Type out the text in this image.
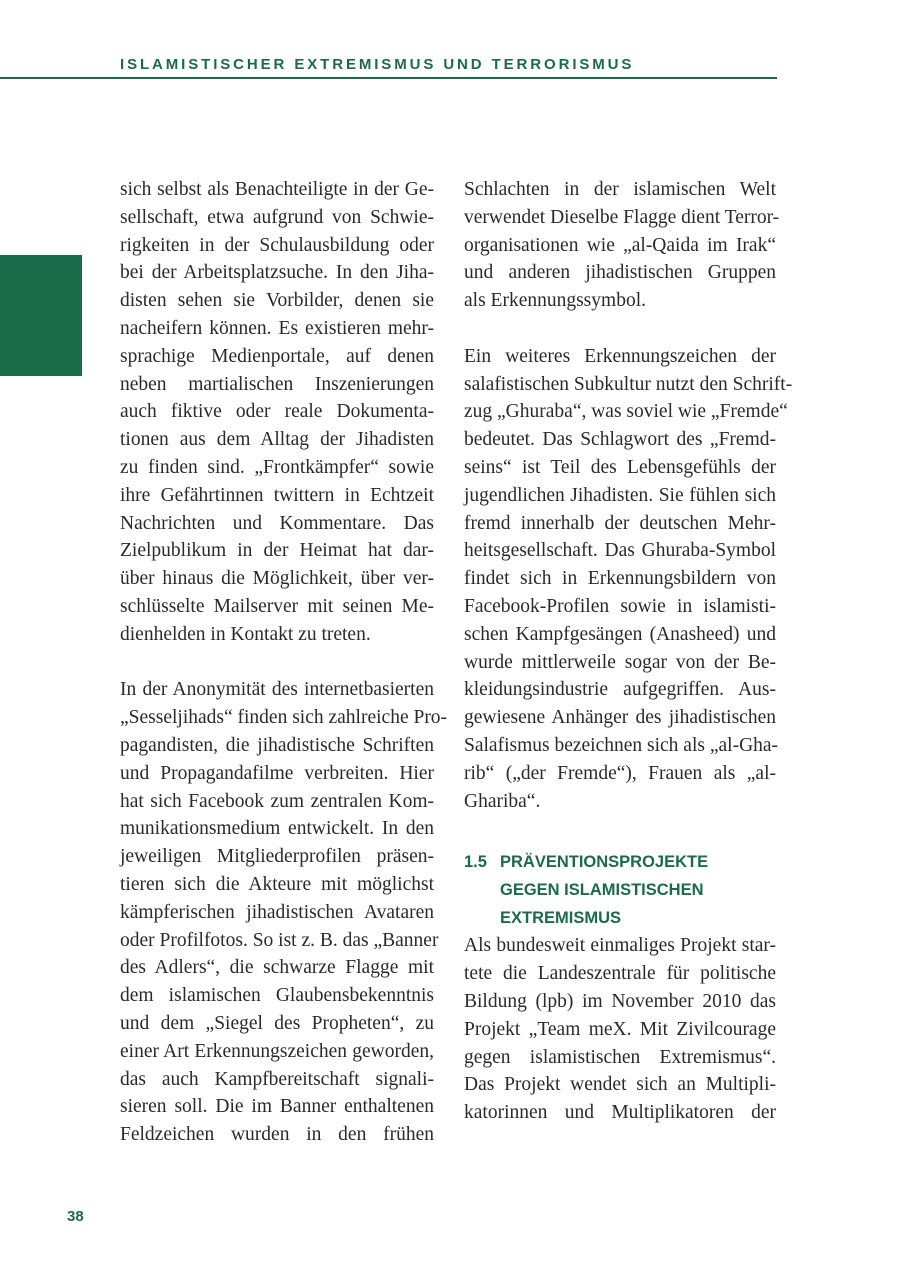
ISLAMISTISCHER EXTREMISMUS UND TERRORISMUS
sich selbst als Benachteiligte in der Ge-
sellschaft, etwa aufgrund von Schwie-
rigkeiten in der Schulausbildung oder
bei der Arbeitsplatzsuche. In den Jiha-
disten sehen sie Vorbilder, denen sie
nacheifern können. Es existieren mehr-
sprachige Medienportale, auf denen
neben martialischen Inszenierungen
auch fiktive oder reale Dokumenta-
tionen aus dem Alltag der Jihadisten
zu finden sind. „Frontkämpfer“ sowie
ihre Gefährtinnen twittern in Echtzeit
Nachrichten und Kommentare. Das
Zielpublikum in der Heimat hat dar-
über hinaus die Möglichkeit, über ver-
schlüsselte Mailserver mit seinen Me-
dienhelden in Kontakt zu treten.
In der Anonymität des internetbasierten
„Sesseljihads“ finden sich zahlreiche Pro-
pagandisten, die jihadistische Schriften
und Propagandafilme verbreiten. Hier
hat sich Facebook zum zentralen Kom-
munikationsmedium entwickelt. In den
jeweiligen Mitgliederprofilen präsen-
tieren sich die Akteure mit möglichst
kämpferischen jihadistischen Avataren
oder Profilfotos. So ist z. B. das „Banner
des Adlers“, die schwarze Flagge mit
dem islamischen Glaubensbekenntnis
und dem „Siegel des Propheten“, zu
einer Art Erkennungszeichen geworden,
das auch Kampfbereitschaft signali-
sieren soll. Die im Banner enthaltenen
Feldzeichen wurden in den frühen
Schlachten in der islamischen Welt
verwendet Dieselbe Flagge dient Terror-
organisationen wie „al-Qaida im Irak“
und anderen jihadistischen Gruppen
als Erkennungssymbol.
Ein weiteres Erkennungszeichen der
salafistischen Subkultur nutzt den Schrift-
zug „Ghuraba“, was soviel wie „Fremde“
bedeutet. Das Schlagwort des „Fremd-
seins“ ist Teil des Lebensgefühls der
jugendlichen Jihadisten. Sie fühlen sich
fremd innerhalb der deutschen Mehr-
heitsgesellschaft. Das Ghuraba-Symbol
findet sich in Erkennungsbildern von
Facebook-Profilen sowie in islamisti-
schen Kampfgesängen (Anasheed) und
wurde mittlerweile sogar von der Be-
kleidungsindustrie aufgegriffen. Aus-
gewiesene Anhänger des jihadistischen
Salafismus bezeichnen sich als „al-Gha-
rib“ („der Fremde“), Frauen als „al-
Ghariba“.
1.5 PRÄVENTIONSPROJEKTE
GEGEN ISLAMISTISCHEN
EXTREMISMUS
Als bundesweit einmaliges Projekt star-
tete die Landeszentrale für politische
Bildung (lpb) im November 2010 das
Projekt „Team meX. Mit Zivilcourage
gegen islamistischen Extremismus“.
Das Projekt wendet sich an Multipli-
katorinnen und Multiplikatoren der
38
